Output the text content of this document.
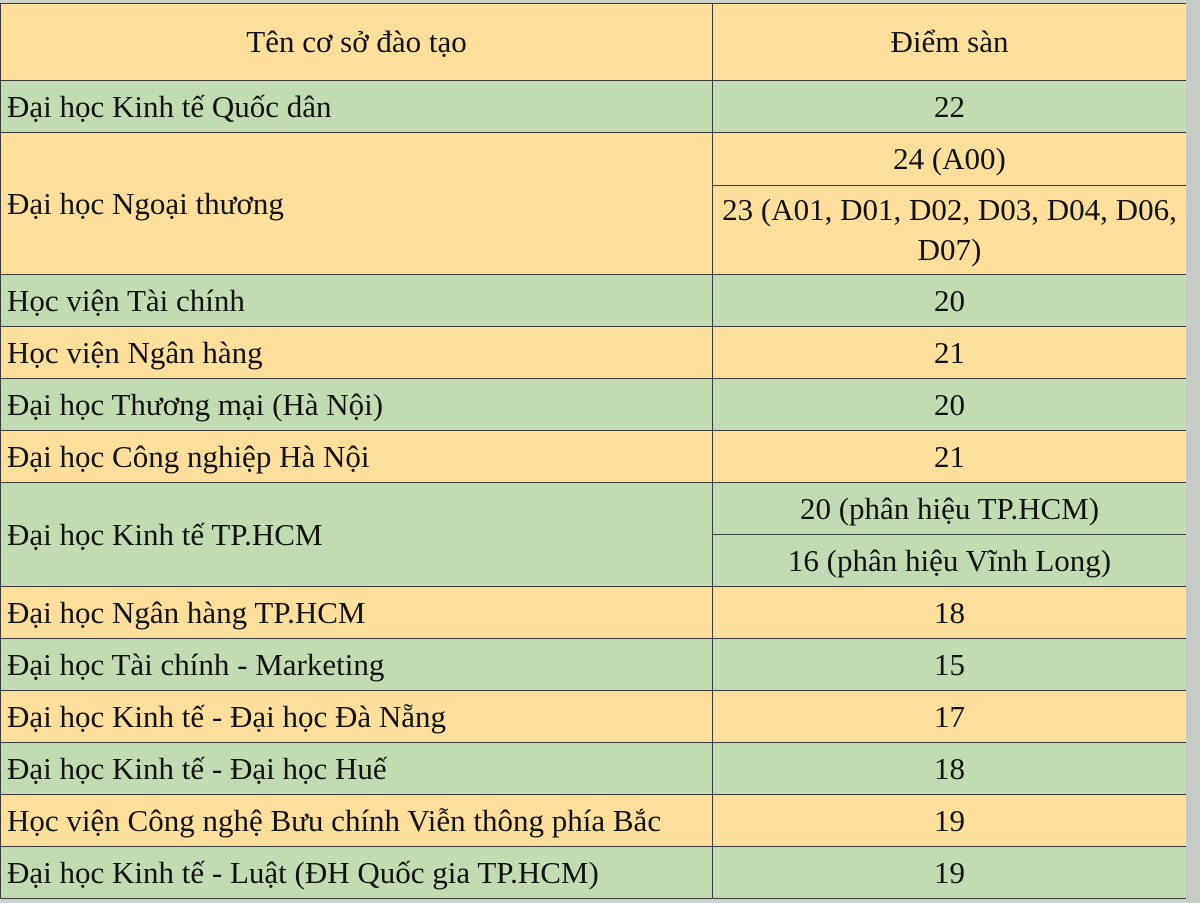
Tên cơ sở đào tạo	Điểm sàn
Đại học Kinh tế Quốc dân	22
Đại học Ngoại thương	24 (A00)
	23 (A01, D01, D02, D03, D04, D06, D07)
Học viện Tài chính	20
Học viện Ngân hàng	21
Đại học Thương mại (Hà Nội)	20
Đại học Công nghiệp Hà Nội	21
Đại học Kinh tế TP.HCM	20 (phân hiệu TP.HCM)
	16 (phân hiệu Vĩnh Long)
Đại học Ngân hàng TP.HCM	18
Đại học Tài chính - Marketing	15
Đại học Kinh tế - Đại học Đà Nẵng	17
Đại học Kinh tế - Đại học Huế	18
Học viện Công nghệ Bưu chính Viễn thông phía Bắc	19
Đại học Kinh tế - Luật (ĐH Quốc gia TP.HCM)	19
